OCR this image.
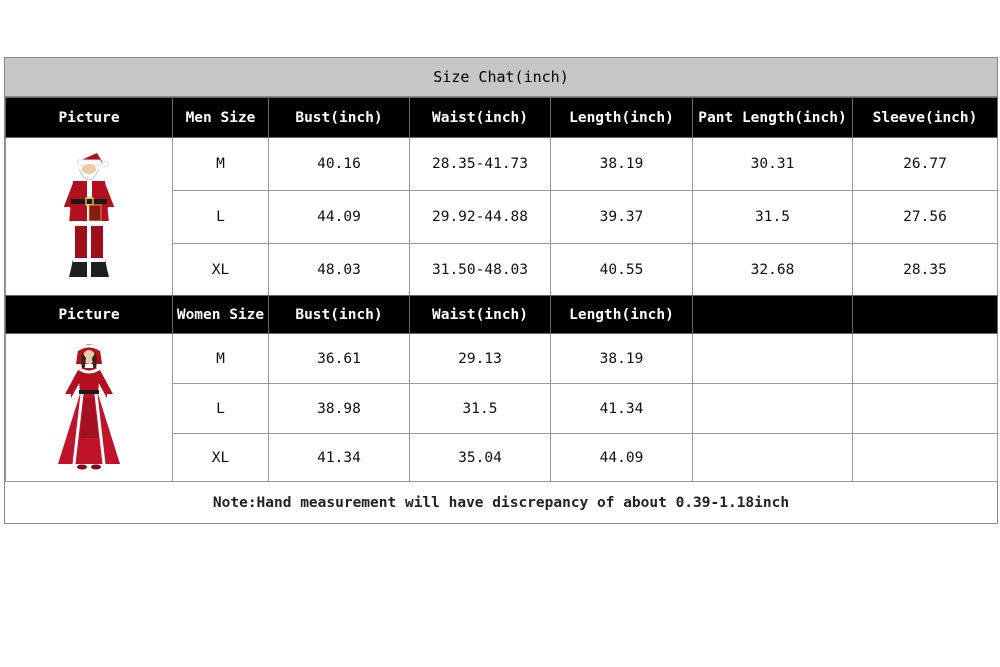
Size Chat(inch)
Picture	Men Size	Bust(inch)	Waist(inch)	Length(inch)	Pant Length(inch)	Sleeve(inch)

	M	40.16	28.35-41.73	38.19	30.31	26.77
	L	44.09	29.92-44.88	39.37	31.5	27.56
	XL	48.03	31.50-48.03	40.55	32.68	28.35
Picture	Women Size	Bust(inch)	Waist(inch)	Length(inch)		

	M	36.61	29.13	38.19		
	L	38.98	31.5	41.34		
	XL	41.34	35.04	44.09		
Note:Hand measurement will have discrepancy of about 0.39-1.18inch
